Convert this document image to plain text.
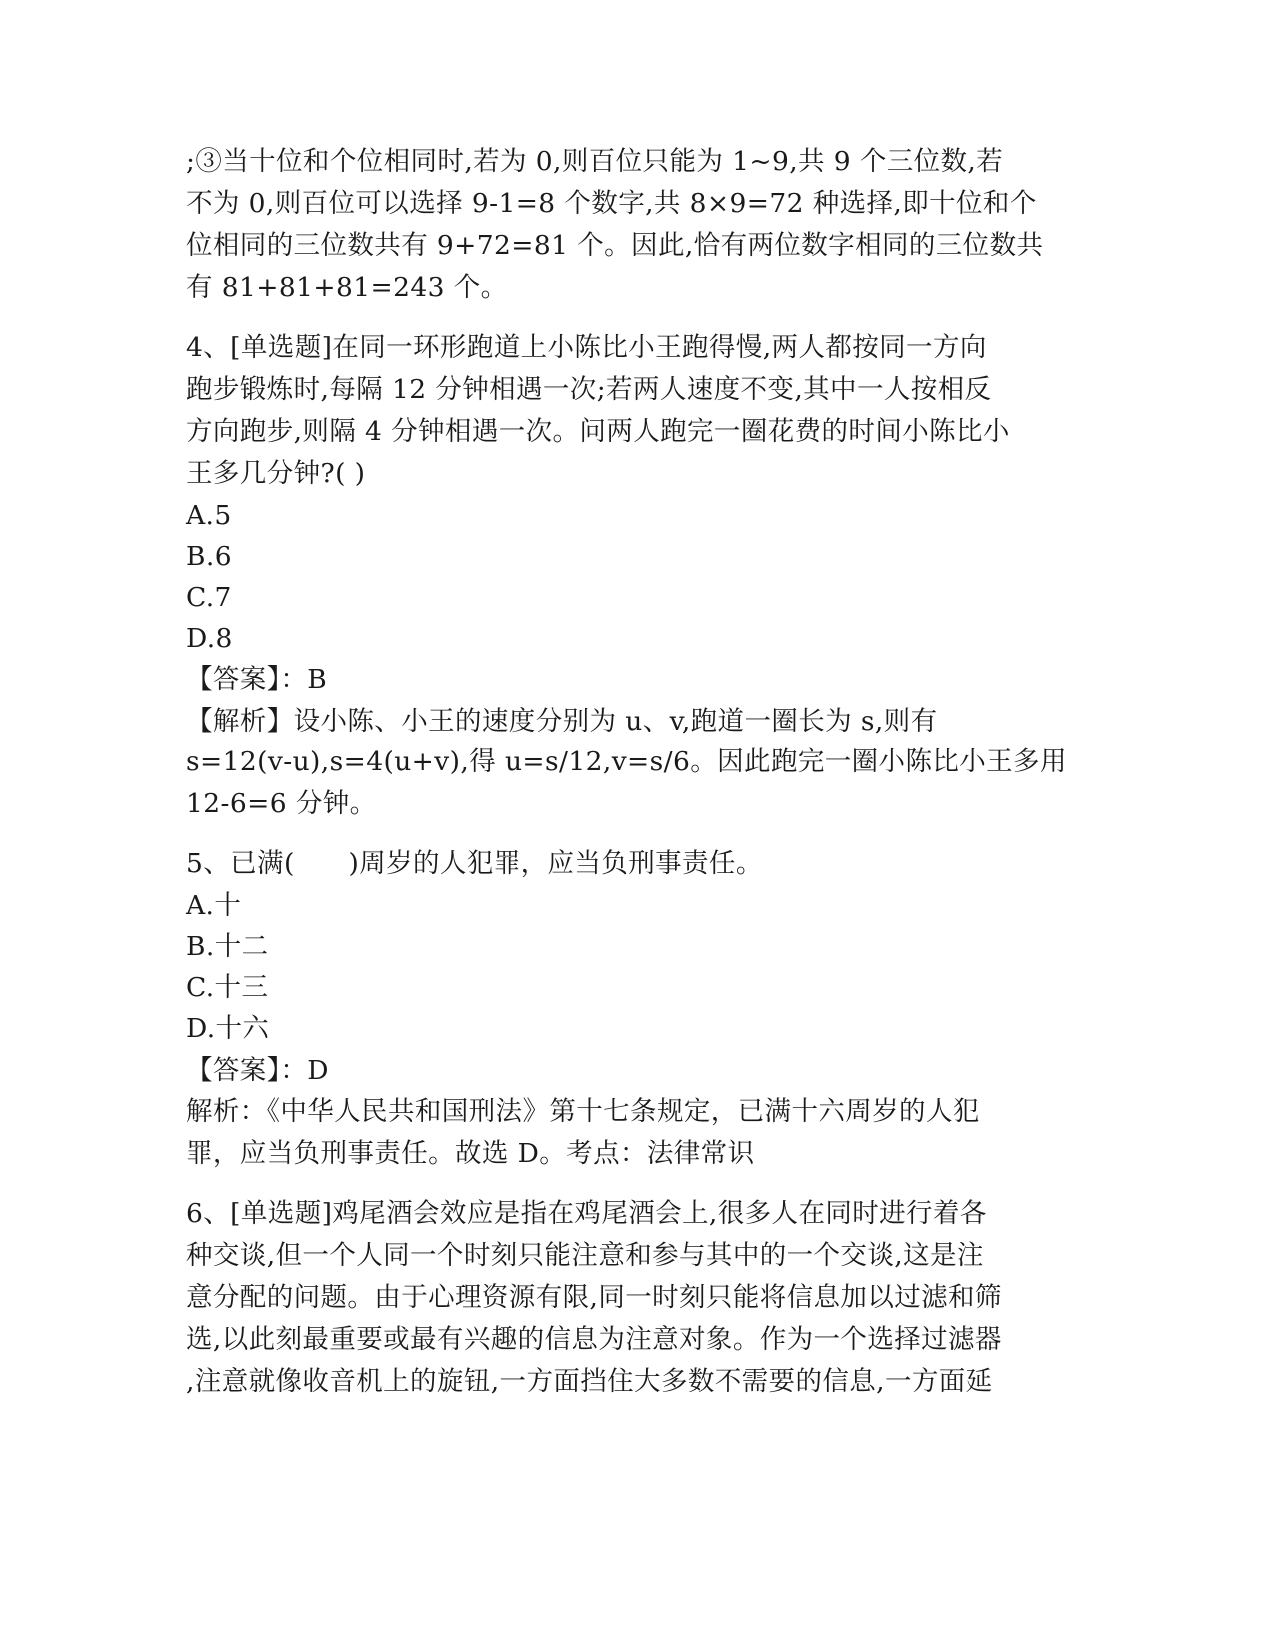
;③当十位和个位相同时,若为 0,则百位只能为 1~9,共 9 个三位数,若

不为 0,则百位可以选择 9-1=8 个数字,共 8×9=72 种选择,即十位和个

位相同的三位数共有 9+72=81 个。因此,恰有两位数字相同的三位数共

有 81+81+81=243 个。

4、[单选题]在同一环形跑道上小陈比小王跑得慢,两人都按同一方向

跑步锻炼时,每隔 12 分钟相遇一次;若两人速度不变,其中一人按相反

方向跑步,则隔 4 分钟相遇一次。问两人跑完一圈花费的时间小陈比小

王多几分钟?( )

A.5

B.6

C.7

D.8

【答案】：B

【解析】设小陈、小王的速度分别为 u、v,跑道一圈长为 s,则有

s=12(v-u),s=4(u+v),得 u=s/12,v=s/6。因此跑完一圈小陈比小王多用

12-6=6 分钟。

5、已满(　　)周岁的人犯罪，应当负刑事责任。

A.十

B.十二

C.十三

D.十六

【答案】：D

解析：《中华人民共和国刑法》第十七条规定，已满十六周岁的人犯

罪，应当负刑事责任。故选 D。考点：法律常识

6、[单选题]鸡尾酒会效应是指在鸡尾酒会上,很多人在同时进行着各

种交谈,但一个人同一个时刻只能注意和参与其中的一个交谈,这是注

意分配的问题。由于心理资源有限,同一时刻只能将信息加以过滤和筛

选,以此刻最重要或最有兴趣的信息为注意对象。作为一个选择过滤器

,注意就像收音机上的旋钮,一方面挡住大多数不需要的信息,一方面延
